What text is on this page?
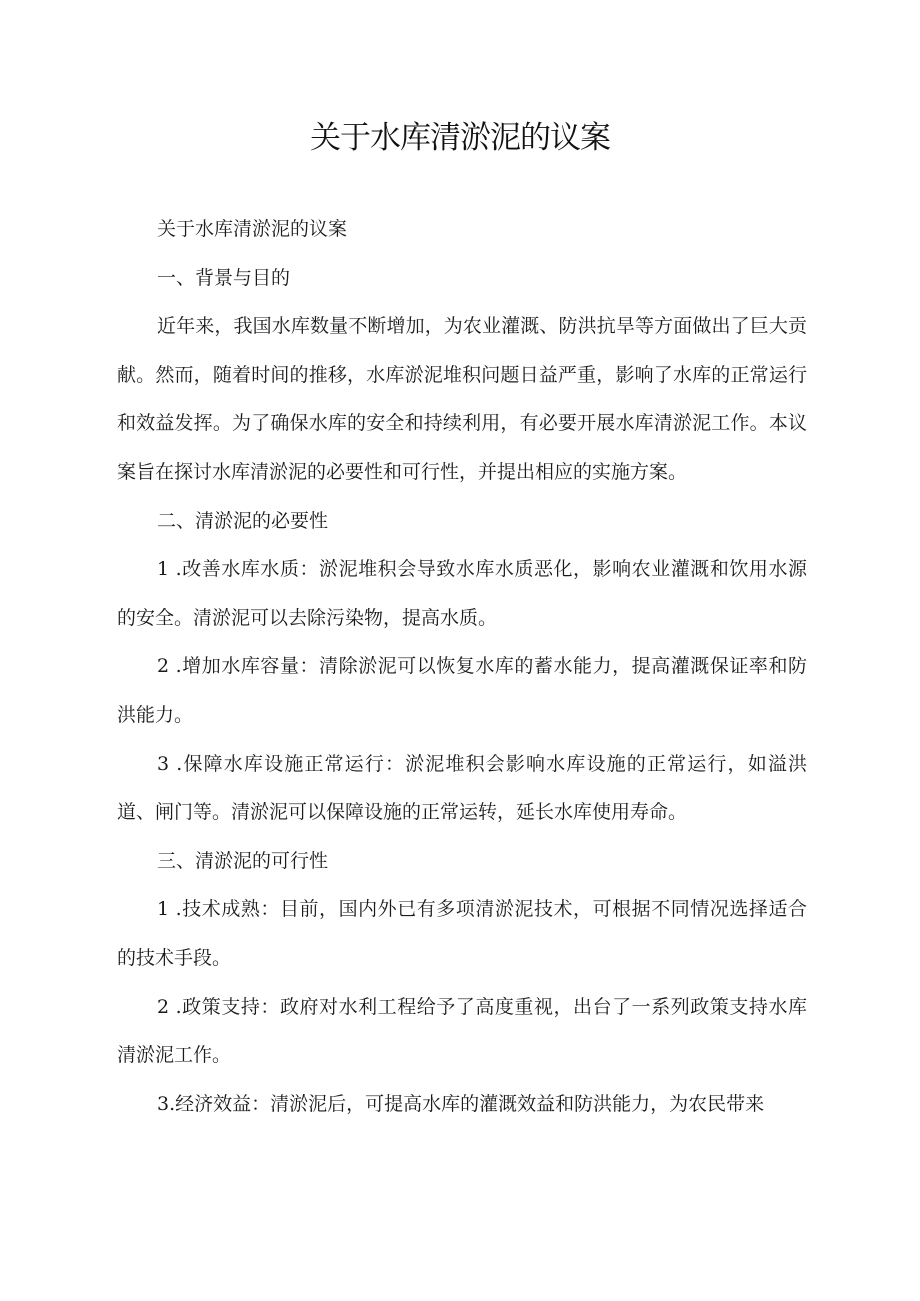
关于水库清淤泥的议案

关于水库清淤泥的议案

一、背景与目的

近年来，我国水库数量不断增加，为农业灌溉、防洪抗旱等方面做出了巨大贡献。然而，随着时间的推移，水库淤泥堆积问题日益严重，影响了水库的正常运行和效益发挥。为了确保水库的安全和持续利用，有必要开展水库清淤泥工作。本议案旨在探讨水库清淤泥的必要性和可行性，并提出相应的实施方案。

二、清淤泥的必要性

1 .改善水库水质：淤泥堆积会导致水库水质恶化，影响农业灌溉和饮用水源的安全。清淤泥可以去除污染物，提高水质。

2 .增加水库容量：清除淤泥可以恢复水库的蓄水能力，提高灌溉保证率和防洪能力。

3 .保障水库设施正常运行：淤泥堆积会影响水库设施的正常运行，如溢洪道、闸门等。清淤泥可以保障设施的正常运转，延长水库使用寿命。

三、清淤泥的可行性

1 .技术成熟：目前，国内外已有多项清淤泥技术，可根据不同情况选择适合的技术手段。

2 .政策支持：政府对水利工程给予了高度重视，出台了一系列政策支持水库清淤泥工作。

3.经济效益：清淤泥后，可提高水库的灌溉效益和防洪能力，为农民带来
